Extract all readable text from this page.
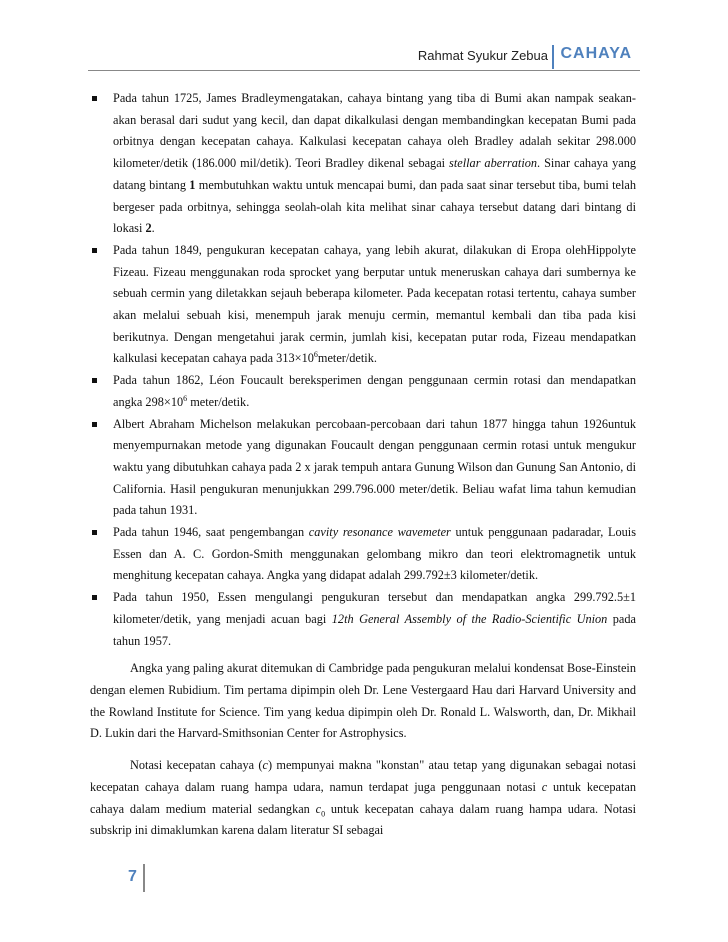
Rahmat Syukur Zebua CAHAYA
Pada tahun 1725, James Bradleymengatakan, cahaya bintang yang tiba di Bumi akan nampak seakan-akan berasal dari sudut yang kecil, dan dapat dikalkulasi dengan membandingkan kecepatan Bumi pada orbitnya dengan kecepatan cahaya. Kalkulasi kecepatan cahaya oleh Bradley adalah sekitar 298.000 kilometer/detik (186.000 mil/detik). Teori Bradley dikenal sebagai stellar aberration. Sinar cahaya yang datang bintang 1 membutuhkan waktu untuk mencapai bumi, dan pada saat sinar tersebut tiba, bumi telah bergeser pada orbitnya, sehingga seolah-olah kita melihat sinar cahaya tersebut datang dari bintang di lokasi 2.
Pada tahun 1849, pengukuran kecepatan cahaya, yang lebih akurat, dilakukan di Eropa olehHippolyte Fizeau. Fizeau menggunakan roda sprocket yang berputar untuk meneruskan cahaya dari sumbernya ke sebuah cermin yang diletakkan sejauh beberapa kilometer. Pada kecepatan rotasi tertentu, cahaya sumber akan melalui sebuah kisi, menempuh jarak menuju cermin, memantul kembali dan tiba pada kisi berikutnya. Dengan mengetahui jarak cermin, jumlah kisi, kecepatan putar roda, Fizeau mendapatkan kalkulasi kecepatan cahaya pada $313\times 10^6meter$/detik.
Pada tahun 1862, Léon Foucault bereksperimen dengan penggunaan cermin rotasi dan mendapatkan angka $298\times 10^6$ meter/detik.
Albert Abraham Michelson melakukan percobaan-percobaan dari tahun 1877 hingga tahun 1926untuk menyempurnakan metode yang digunakan Foucault dengan penggunaan cermin rotasi untuk mengukur waktu yang dibutuhkan cahaya pada 2 x jarak tempuh antara Gunung Wilson dan Gunung San Antonio, di California. Hasil pengukuran menunjukkan 299.796.000 meter/detik. Beliau wafat lima tahun kemudian pada tahun 1931.
Pada tahun 1946, saat pengembangan cavity resonance wavemeter untuk penggunaan padaradar, Louis Essen dan A. C. Gordon-Smith menggunakan gelombang mikro dan teori elektromagnetik untuk menghitung kecepatan cahaya. Angka yang didapat adalah 299.792±3 kilometer/detik.
Pada tahun 1950, Essen mengulangi pengukuran tersebut dan mendapatkan angka 299.792.5±1 kilometer/detik, yang menjadi acuan bagi 12th General Assembly of the Radio-Scientific Union pada tahun 1957.

Angka yang paling akurat ditemukan di Cambridge pada pengukuran melalui kondensat Bose-Einstein dengan elemen Rubidium. Tim pertama dipimpin oleh Dr. Lene Vestergaard Hau dari Harvard University and the Rowland Institute for Science. Tim yang kedua dipimpin oleh Dr. Ronald L. Walsworth, dan, Dr. Mikhail D. Lukin dari the Harvard-Smithsonian Center for Astrophysics.

Notasi kecepatan cahaya (c) mempunyai makna "konstan" atau tetap yang digunakan sebagai notasi kecepatan cahaya dalam ruang hampa udara, namun terdapat juga penggunaan notasi c untuk kecepatan cahaya dalam medium material sedangkan $c_0$ untuk kecepatan cahaya dalam ruang hampa udara. Notasi subskrip ini dimaklumkan karena dalam literatur SI sebagai

7
